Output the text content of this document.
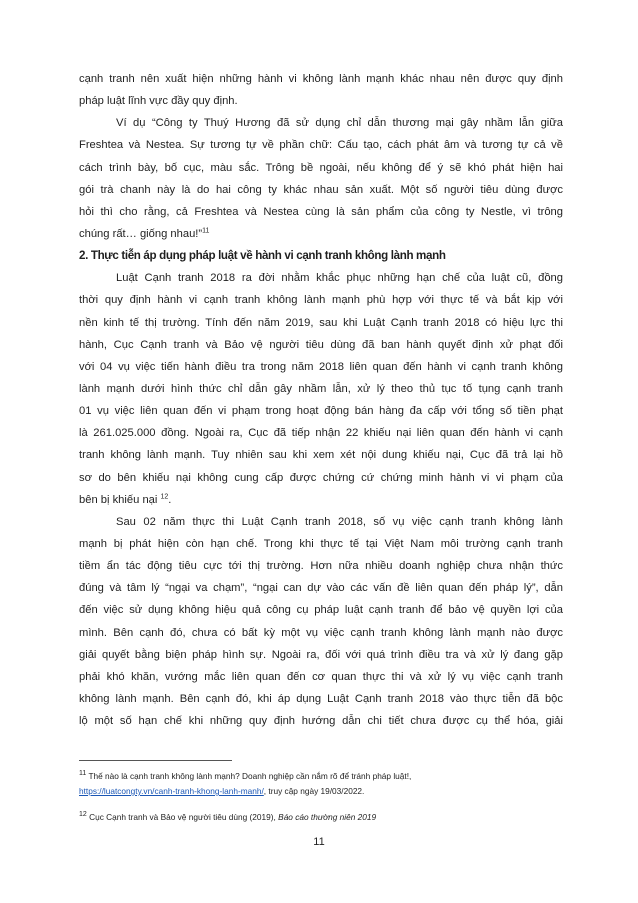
cạnh tranh nên xuất hiện những hành vi không lành mạnh khác nhau nên được quy định
pháp luật lĩnh vực đầy quy định.
Ví dụ “Công ty Thuý Hương đã sử dụng chỉ dẫn thương mại gây nhầm lẫn giữa
Freshtea và Nestea. Sự tương tự về phần chữ: Cấu tạo, cách phát âm và tương tự cả về
cách trình bày, bố cục, màu sắc. Trông bề ngoài, nếu không để ý sẽ khó phát hiện hai
gói trà chanh này là do hai công ty khác nhau sản xuất. Một số người tiêu dùng được
hỏi thì cho rằng, cả Freshtea và Nestea cùng là sản phẩm của công ty Nestle, vì trông
chúng rất… giống nhau!”$^{11}$
2. Thực tiễn áp dụng pháp luật về hành vi cạnh tranh không lành mạnh
Luật Cạnh tranh 2018 ra đời nhằm khắc phục những hạn chế của luật cũ, đồng
thời quy định hành vi cạnh tranh không lành mạnh phù hợp với thực tế và bắt kịp với
nền kinh tế thị trường. Tính đến năm 2019, sau khi Luật Cạnh tranh 2018 có hiệu lực thi
hành, Cục Cạnh tranh và Bảo vệ người tiêu dùng đã ban hành quyết định xử phạt đối
với 04 vụ việc tiến hành điều tra trong năm 2018 liên quan đến hành vi cạnh tranh không
lành mạnh dưới hình thức chỉ dẫn gây nhầm lẫn, xử lý theo thủ tục tố tụng cạnh tranh
01 vụ việc liên quan đến vi phạm trong hoạt động bán hàng đa cấp với tổng số tiền phạt
là 261.025.000 đồng. Ngoài ra, Cục đã tiếp nhận 22 khiếu nại liên quan đến hành vi cạnh
tranh không lành mạnh. Tuy nhiên sau khi xem xét nội dung khiếu nại, Cục đã trả lại hồ
sơ do bên khiếu nại không cung cấp được chứng cứ chứng minh hành vi vi phạm của
bên bị khiếu nại $^{12}$.
Sau 02 năm thực thi Luật Cạnh tranh 2018, số vụ việc cạnh tranh không lành
mạnh bị phát hiện còn hạn chế. Trong khi thực tế tại Việt Nam môi trường cạnh tranh
tiềm ẩn tác động tiêu cực tới thị trường. Hơn nữa nhiều doanh nghiệp chưa nhận thức
đúng và tâm lý “ngại va chạm”, “ngại can dự vào các vấn đề liên quan đến pháp lý”, dẫn
đến việc sử dụng không hiệu quả công cụ pháp luật cạnh tranh để bảo vệ quyền lợi của
mình. Bên cạnh đó, chưa có bất kỳ một vụ việc cạnh tranh không lành mạnh nào được
giải quyết bằng biện pháp hình sự. Ngoài ra, đối với quá trình điều tra và xử lý đang gặp
phải khó khăn, vướng mắc liên quan đến cơ quan thực thi và xử lý vụ việc cạnh tranh
không lành mạnh. Bên cạnh đó, khi áp dụng Luật Cạnh tranh 2018 vào thực tiễn đã bộc
lộ một số hạn chế khi những quy định hướng dẫn chi tiết chưa được cụ thể hóa, giải
$^{11}$ Thế nào là cạnh tranh không lành mạnh? Doanh nghiệp cần nắm rõ để tránh pháp luật!,
https://luatcongty.vn/canh-tranh-khong-lanh-manh/, truy cập ngày 19/03/2022.
$^{12}$ Cục Cạnh tranh và Bảo vệ người tiêu dùng (2019), Báo cáo thường niên 2019
11
